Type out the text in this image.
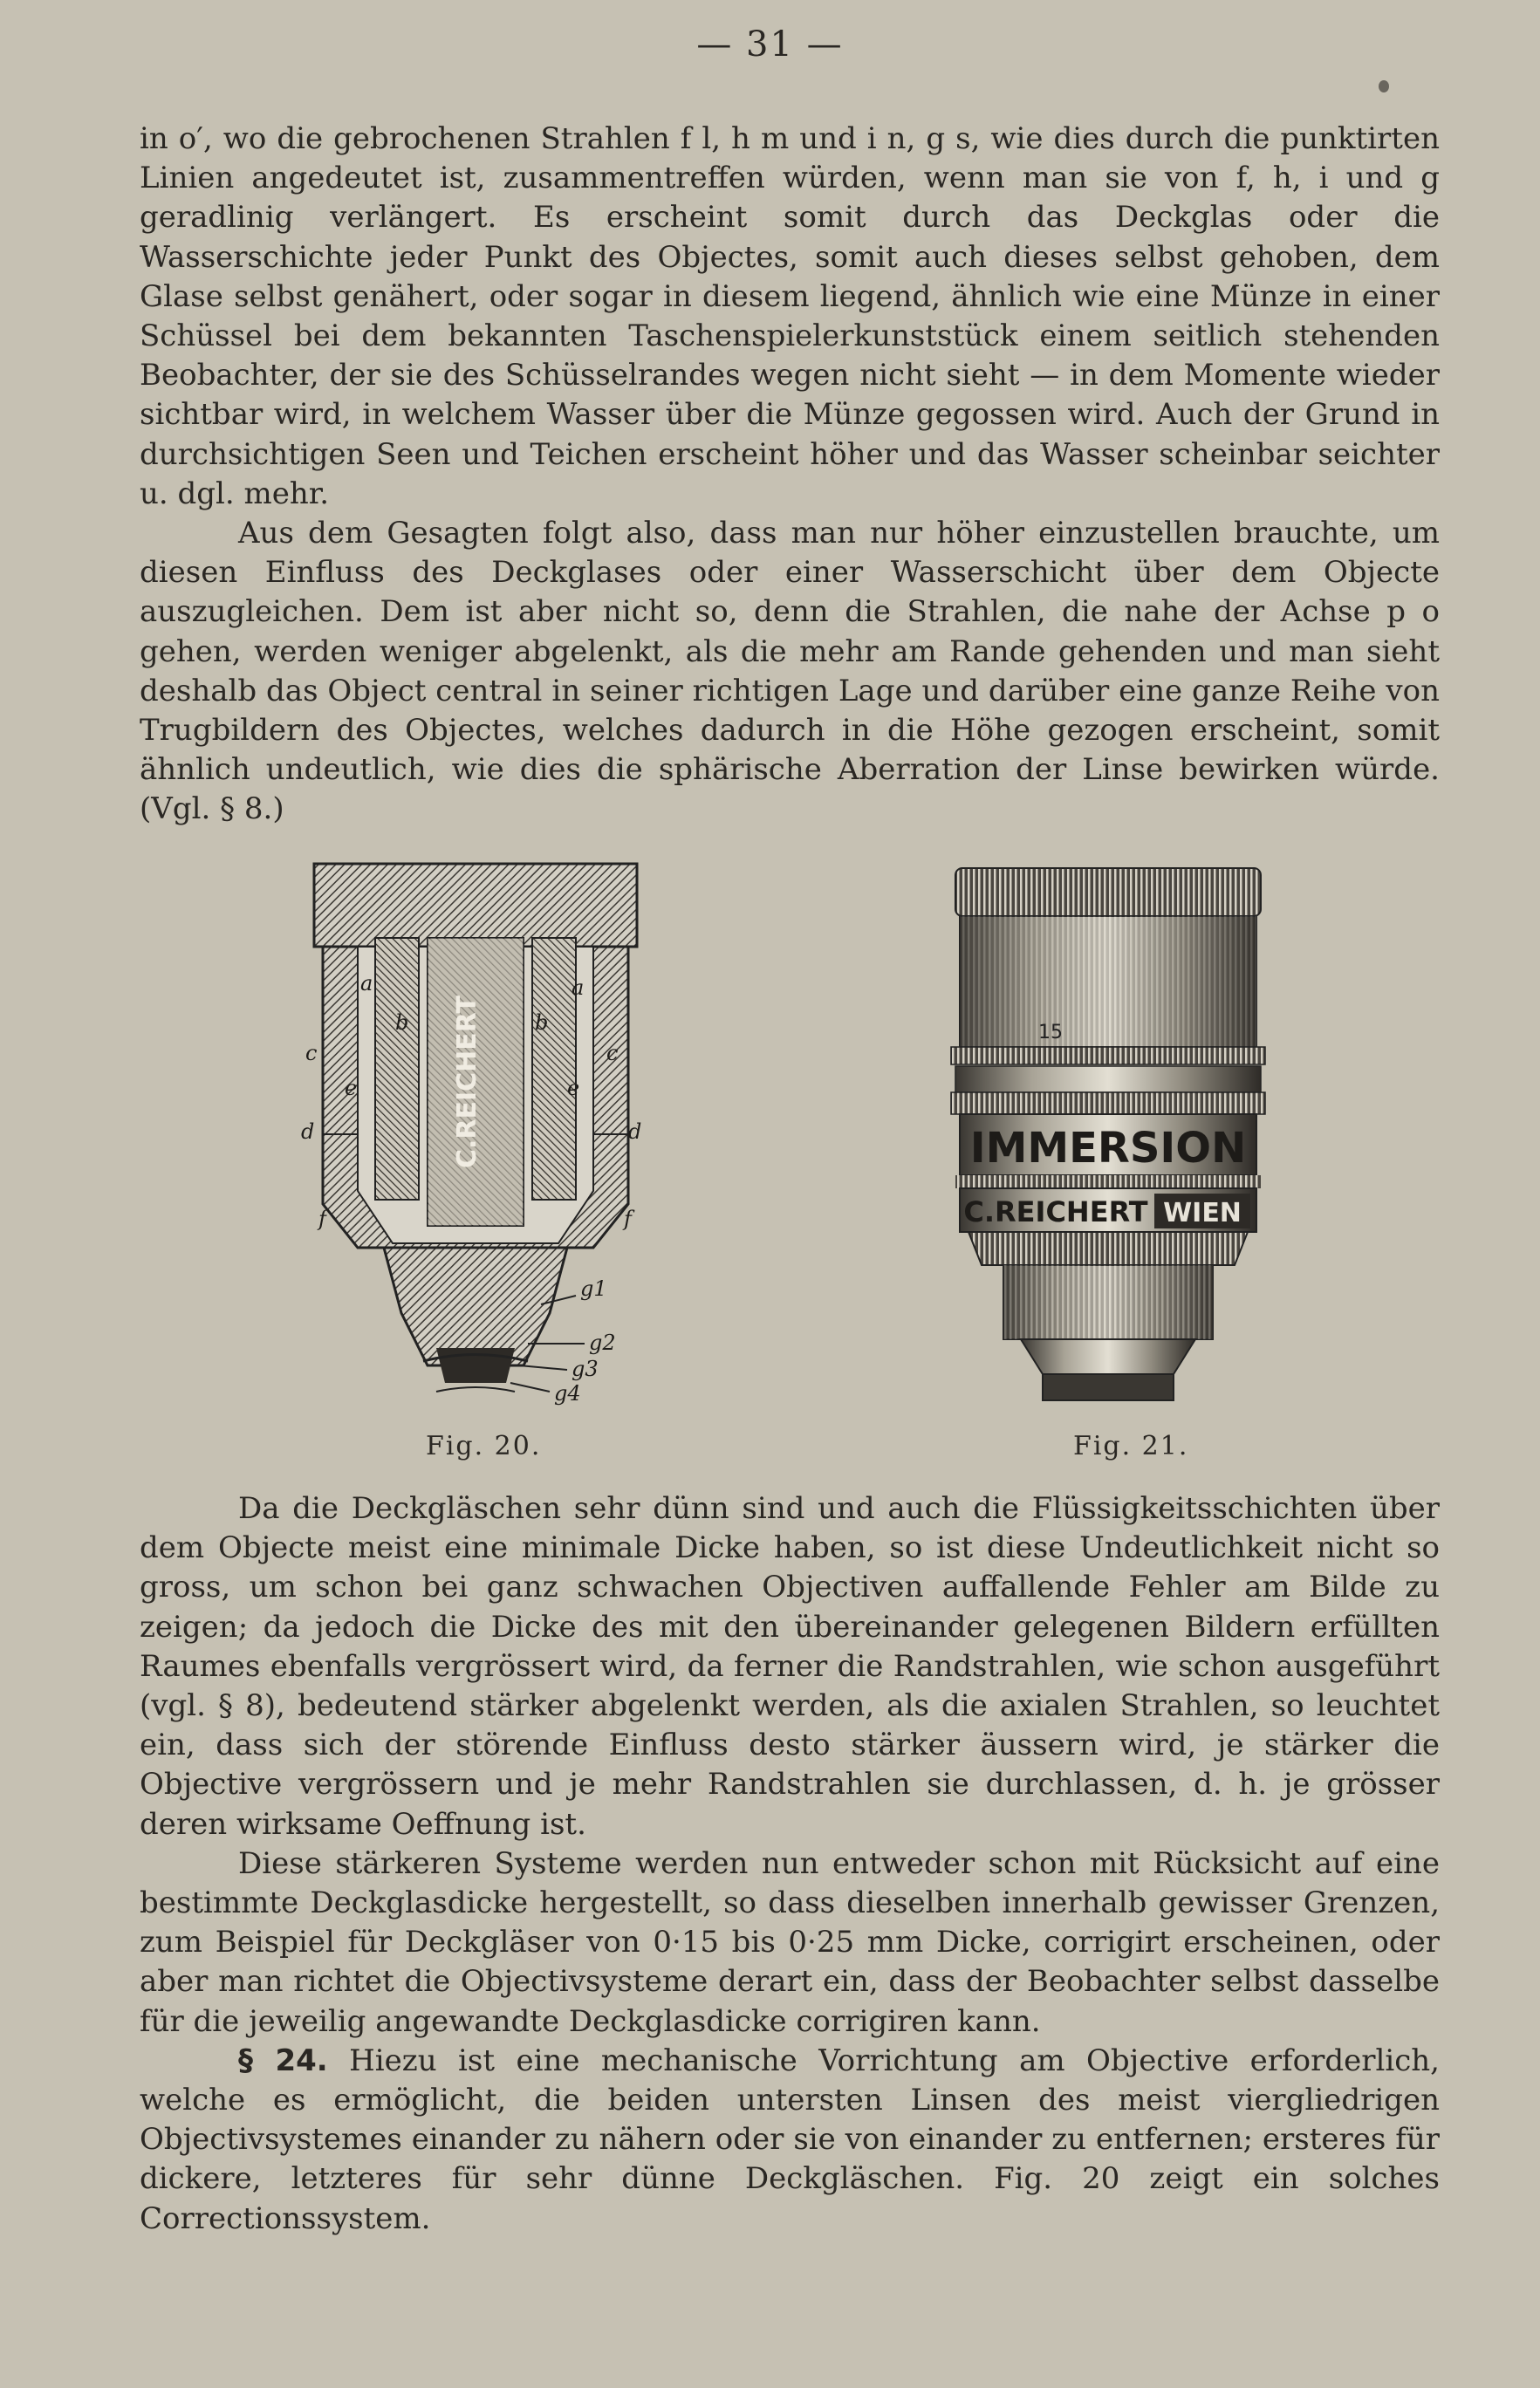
— 31 —

in o′, wo die gebrochenen Strahlen f l, h m und i n, g s, wie dies durch die punktirten Linien angedeutet ist, zusammentreffen würden, wenn man sie von f, h, i und g geradlinig verlängert. Es erscheint somit durch das Deckglas oder die Wasserschichte jeder Punkt des Objectes, somit auch dieses selbst gehoben, dem Glase selbst genähert, oder sogar in diesem liegend, ähnlich wie eine Münze in einer Schüssel bei dem bekannten Taschenspielerkunststück einem seitlich stehenden Beobachter, der sie des Schüsselrandes wegen nicht sieht — in dem Momente wieder sichtbar wird, in welchem Wasser über die Münze gegossen wird. Auch der Grund in durchsichtigen Seen und Teichen erscheint höher und das Wasser scheinbar seichter u. dgl. mehr.

Aus dem Gesagten folgt also, dass man nur höher einzustellen brauchte, um diesen Einfluss des Deckglases oder einer Wasserschicht über dem Objecte auszugleichen. Dem ist aber nicht so, denn die Strahlen, die nahe der Achse p o gehen, werden weniger abgelenkt, als die mehr am Rande gehenden und man sieht deshalb das Object central in seiner richtigen Lage und darüber eine ganze Reihe von Trugbildern des Objectes, welches dadurch in die Höhe gezogen erscheint, somit ähnlich undeutlich, wie dies die sphärische Aberration der Linse bewirken würde. (Vgl. § 8.)

C.REICHERT
a	a
b	b
c	c
d	d
e	e
f	f
g1
g2
g3
g4
Fig. 20.
15
IMMERSION
C.REICHERT WIEN
Fig. 21.

Da die Deckgläschen sehr dünn sind und auch die Flüssigkeitsschichten über dem Objecte meist eine minimale Dicke haben, so ist diese Undeutlichkeit nicht so gross, um schon bei ganz schwachen Objectiven auffallende Fehler am Bilde zu zeigen; da jedoch die Dicke des mit den übereinander gelegenen Bildern erfüllten Raumes ebenfalls vergrössert wird, da ferner die Randstrahlen, wie schon ausgeführt (vgl. § 8), bedeutend stärker abgelenkt werden, als die axialen Strahlen, so leuchtet ein, dass sich der störende Einfluss desto stärker äussern wird, je stärker die Objective vergrössern und je mehr Randstrahlen sie durchlassen, d. h. je grösser deren wirksame Oeffnung ist.

Diese stärkeren Systeme werden nun entweder schon mit Rücksicht auf eine bestimmte Deckglasdicke hergestellt, so dass dieselben innerhalb gewisser Grenzen, zum Beispiel für Deckgläser von 0·15 bis 0·25 mm Dicke, corrigirt erscheinen, oder aber man richtet die Objectivsysteme derart ein, dass der Beobachter selbst dasselbe für die jeweilig angewandte Deckglasdicke corrigiren kann.

§ 24. Hiezu ist eine mechanische Vorrichtung am Objective erforderlich, welche es ermöglicht, die beiden untersten Linsen des meist viergliedrigen Objectivsystemes einander zu nähern oder sie von einander zu entfernen; ersteres für dickere, letzteres für sehr dünne Deckgläschen. Fig. 20 zeigt ein solches Correctionssystem.
